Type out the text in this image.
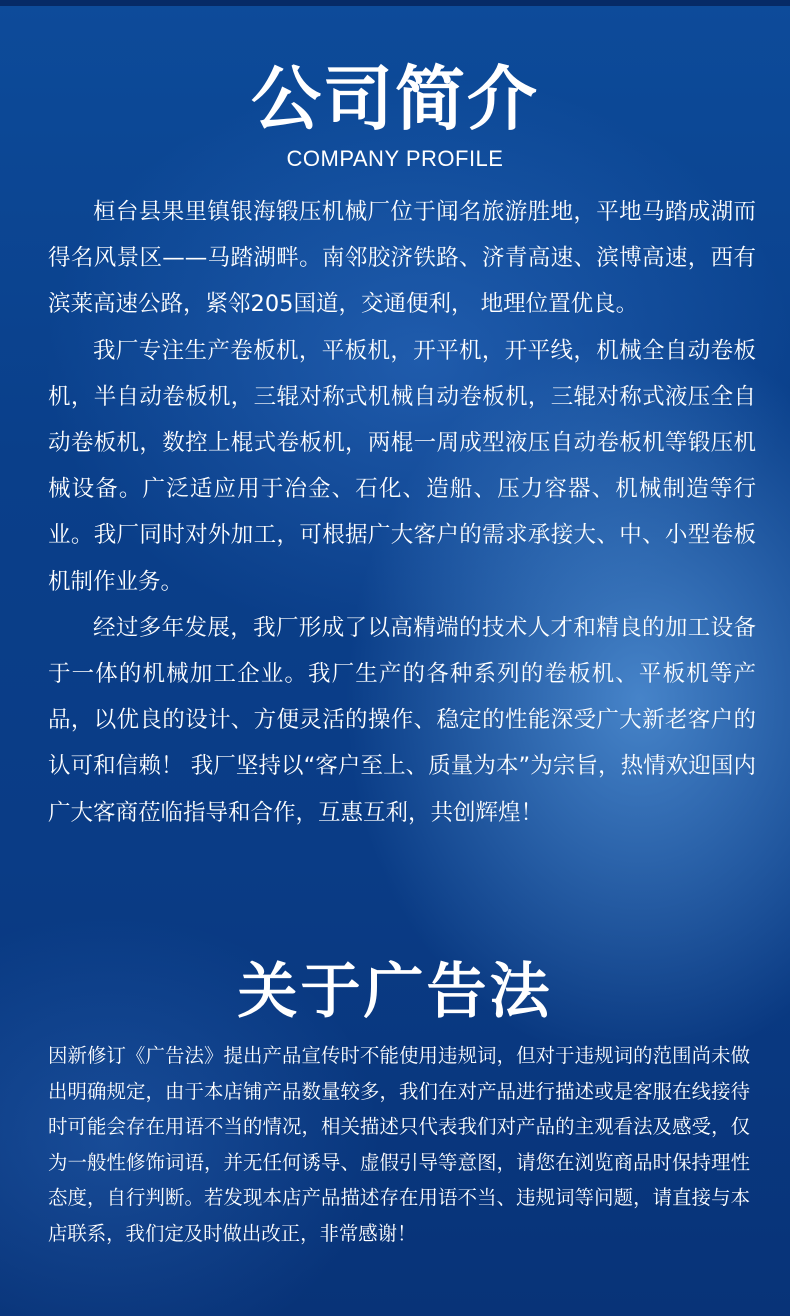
公司简介
COMPANY PROFILE

桓台县果里镇银海锻压机械厂位于闻名旅游胜地，平地马踏成湖而得名风景区——马踏湖畔。南邻胶济铁路、济青高速、滨博高速，西有滨莱高速公路，紧邻205国道，交通便利， 地理位置优良。

我厂专注生产卷板机，平板机，开平机，开平线，机械全自动卷板机，半自动卷板机，三辊对称式机械自动卷板机，三辊对称式液压全自动卷板机，数控上棍式卷板机，两棍一周成型液压自动卷板机等锻压机械设备。广泛适应用于冶金、石化、造船、压力容器、机械制造等行业。我厂同时对外加工，可根据广大客户的需求承接大、中、小型卷板机制作业务。

经过多年发展，我厂形成了以高精端的技术人才和精良的加工设备于一体的机械加工企业。我厂生产的各种系列的卷板机、平板机等产品，以优良的设计、方便灵活的操作、稳定的性能深受广大新老客户的认可和信赖！ 我厂坚持以“客户至上、质量为本”为宗旨，热情欢迎国内广大客商莅临指导和合作，互惠互利，共创辉煌！

关于广告法

因新修订《广告法》提出产品宣传时不能使用违规词，但对于违规词的范围尚未做出明确规定，由于本店铺产品数量较多，我们在对产品进行描述或是客服在线接待时可能会存在用语不当的情况，相关描述只代表我们对产品的主观看法及感受，仅为一般性修饰词语，并无任何诱导、虚假引导等意图，请您在浏览商品时保持理性态度，自行判断。若发现本店产品描述存在用语不当、违规词等问题，请直接与本店联系，我们定及时做出改正，非常感谢！
